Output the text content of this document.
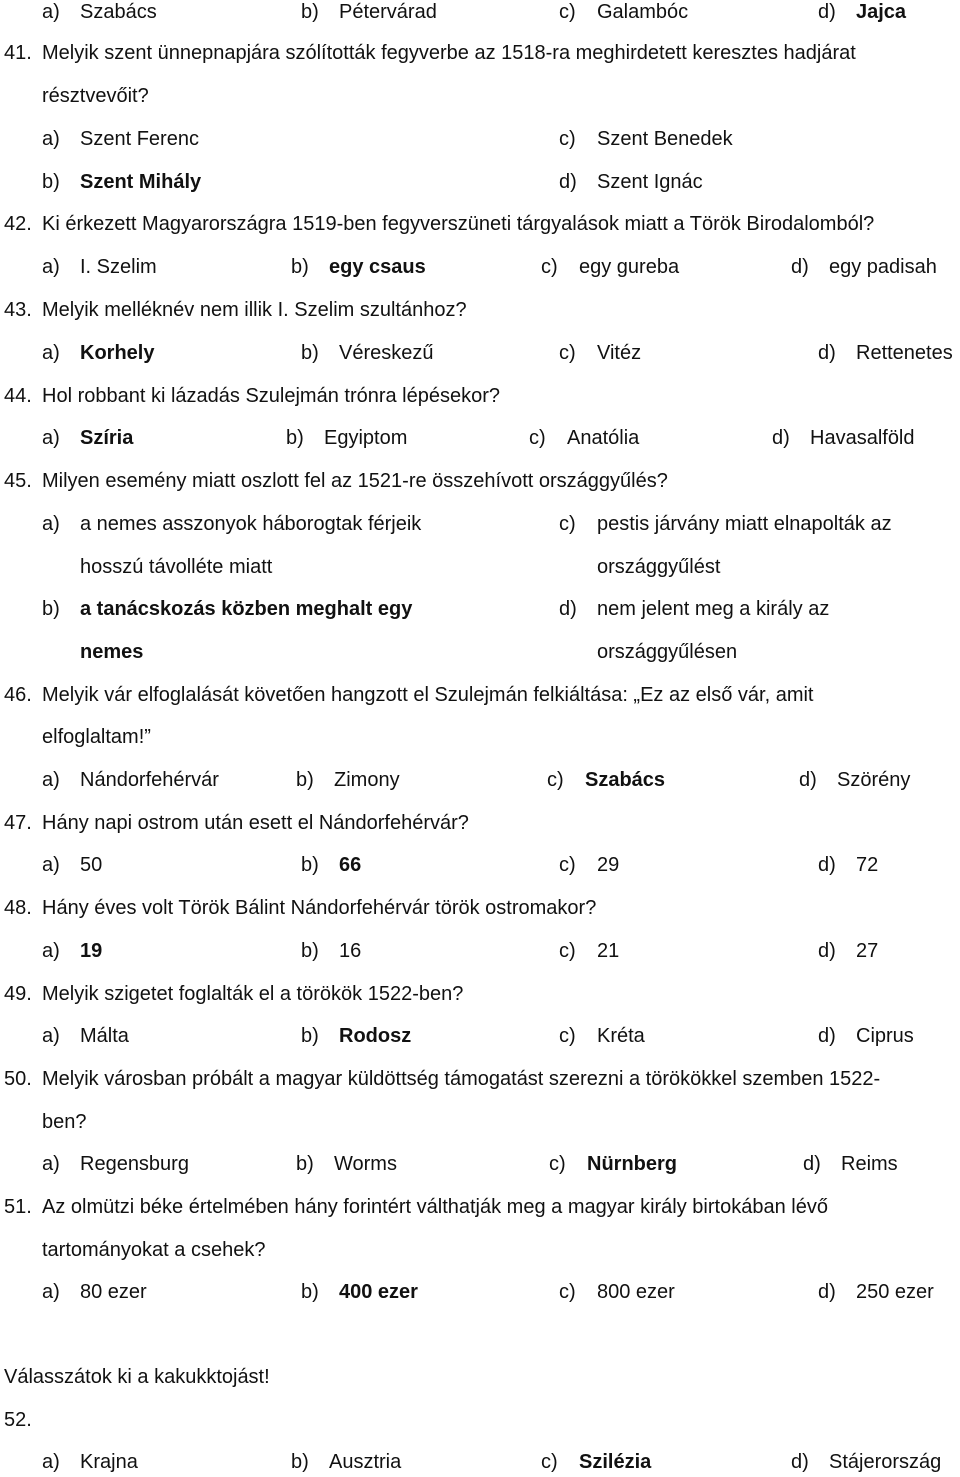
a) Szabács	b) Pétervárad	c) Galambóc	d) Jajca
41. Melyik szent ünnepnapjára szólították fegyverbe az 1518-ra meghirdetett keresztes hadjárat
résztvevőit?
a) Szent Ferenc	c) Szent Benedek
b) Szent Mihály	d) Szent Ignác
42. Ki érkezett Magyarországra 1519-ben fegyverszüneti tárgyalások miatt a Török Birodalomból?
a) I. Szelim	b) egy csaus	c) egy gureba	d) egy padisah
43. Melyik melléknév nem illik I. Szelim szultánhoz?
a) Korhely	b) Véreskezű	c) Vitéz	d) Rettenetes
44. Hol robbant ki lázadás Szulejmán trónra lépésekor?
a) Szíria	b) Egyiptom	c) Anatólia	d) Havasalföld
45. Milyen esemény miatt oszlott fel az 1521-re összehívott országgyűlés?
a) a nemes asszonyok háborogtak férjeik
hosszú távolléte miatt
c) pestis járvány miatt elnapolták az
országgyűlést
b) a tanácskozás közben meghalt egy
nemes
d) nem jelent meg a király az
országgyűlésen
46. Melyik vár elfoglalását követően hangzott el Szulejmán felkiáltása: „Ez az első vár, amit
elfoglaltam!”
a) Nándorfehérvár	b) Zimony	c) Szabács	d) Szörény
47. Hány napi ostrom után esett el Nándorfehérvár?
a) 50	b) 66	c) 29	d) 72
48. Hány éves volt Török Bálint Nándorfehérvár török ostromakor?
a) 19	b) 16	c) 21	d) 27
49. Melyik szigetet foglalták el a törökök 1522-ben?
a) Málta	b) Rodosz	c) Kréta	d) Ciprus
50. Melyik városban próbált a magyar küldöttség támogatást szerezni a törökökkel szemben 1522-
ben?
a) Regensburg	b) Worms	c) Nürnberg	d) Reims
51. Az olmützi béke értelmében hány forintért válthatják meg a magyar király birtokában lévő
tartományokat a csehek?
a) 80 ezer	b) 400 ezer	c) 800 ezer	d) 250 ezer
Válasszátok ki a kakukktojást!
52.
a) Krajna	b) Ausztria	c) Szilézia	d) Stájerország
